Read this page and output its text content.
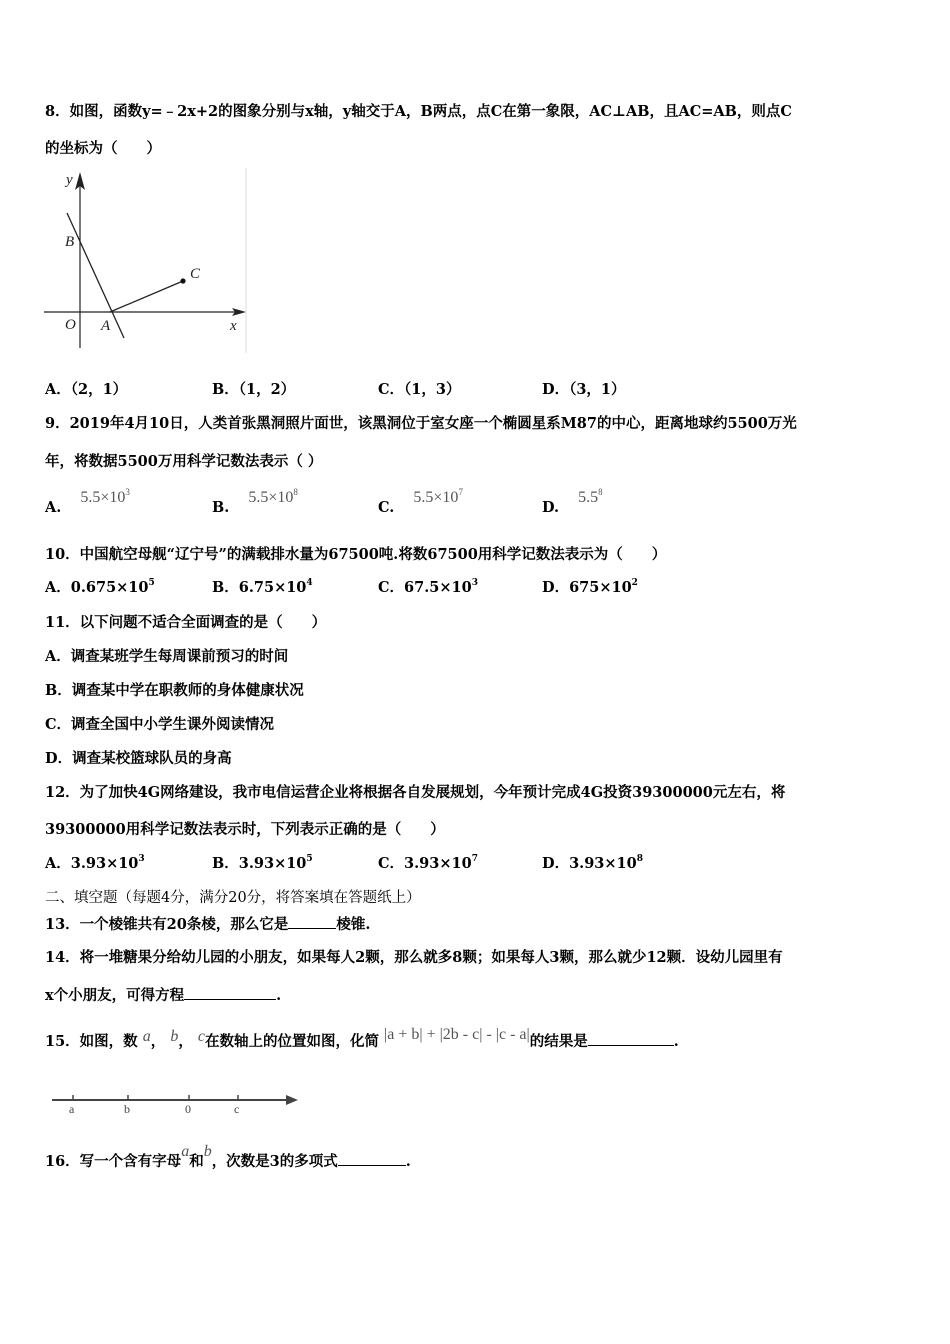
8．如图，函数y=﹣2x+2的图象分别与x轴，y轴交于A，B两点，点C在第一象限，AC⊥AB，且AC=AB，则点C
的坐标为（　　）
y
x
B
C
O A
A．（2，1）	B．（1，2）	C．（1，3）	D．（3，1）
9．2019年4月10日，人类首张黑洞照片面世，该黑洞位于室女座一个椭圆星系M87的中心，距离地球约5500万光
年，将数据5500万用科学记数法表示（ ）
A. $5.5\times 10^3$
B. $5.5\times 10^8$
C. $5.5\times 10^7$
D. $5.5^8$
10．中国航空母舰“辽宁号”的满载排水量为67500吨.将数67500用科学记数法表示为（　　）
A．$0.675\times 10^5$	B．$6.75\times 10^4$	C．$67.5\times 10^3$	D．$675\times 10^2$
11．以下问题不适合全面调查的是（　　）
A．调查某班学生每周课前预习的时间
B．调查某中学在职教师的身体健康状况
C．调查全国中小学生课外阅读情况
D．调查某校篮球队员的身高
12．为了加快4G网络建设，我市电信运营企业将根据各自发展规划，今年预计完成4G投资39300000元左右，将
39300000用科学记数法表示时，下列表示正确的是（　　）
A．$3.93\times 10^3$	B．$3.93\times 10^5$	C．$3.93\times 10^7$	D．$3.93\times 10^8$
二、填空题（每题4分，满分20分，将答案填在答题纸上）
13．一个棱锥共有20条棱，那么它是	棱锥.
14．将一堆糖果分给幼儿园的小朋友，如果每人2颗，那么就多8颗；如果每人3颗，那么就少12颗．设幼儿园里有
x个小朋友，可得方程	.
15．如图，数 a， b， c在数轴上的位置如图，化简 |a + b| + |2b - c| - |c - a|的结果是	.
a	b	0	c
16．写一个含有字母a和b，次数是3的多项式	.
